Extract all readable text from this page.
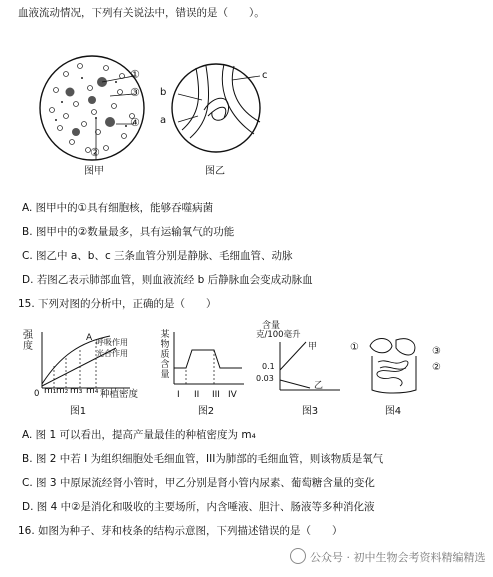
血液流动情况，下列有关说法中，错误的是（　　）。
①
③
④
②
图甲
b
a
c
图乙
A. 图甲中的①具有细胞核，能够吞噬病菌
B. 图甲中的②数量最多，具有运输氧气的功能
C. 图乙中 a、b、c 三条血管分别是静脉、毛细血管、动脉
D. 若图乙表示肺部血管，则血液流经 b 后静脉血会变成动脉血
15. 下列对图的分析中，正确的是（　　）
强
度
A 呼吸作用
光合作用
0 m₁ m₂ m₃ m₄ 种植密度
图1
某物质含量
I II III IV
图2
含量
克/100毫升
甲
乙
0.1
0.03
图3
①	③
②
图4
A. 图 1 可以看出，提高产量最佳的种植密度为 m₄
B. 图 2 中若 I 为组织细胞处毛细血管，III为肺部的毛细血管，则该物质是氧气
C. 图 3 中原尿流经肾小管时，甲乙分别是肾小管内尿素、葡萄糖含量的变化
D. 图 4 中②是消化和吸收的主要场所，内含唾液、胆汁、肠液等多种消化液
16. 如图为种子、芽和枝条的结构示意图，下列描述错误的是（　　）
公众号 · 初中生物会考资料精编精选
